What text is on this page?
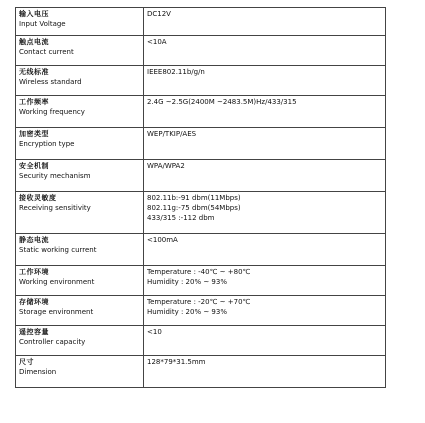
输入电压
Input Voltage	DC12V

触点电流
Contact current	<10A

无线标准
Wireless standard	IEEE802.11b/g/n

工作频率
Working frequency	2.4G ~2.5G(2400M ~2483.5M)Hz/433/315

加密类型
Encryption type	WEP/TKIP/AES

安全机制
Security mechanism	WPA/WPA2

接收灵敏度
Receiving sensitivity	802.11b:-91 dbm(11Mbps)
802.11g:-75 dbm(54Mbps)
433/315 :-112 dbm

静态电流
Static working current	<100mA

工作环境
Working environment	Temperature : -40℃ ~ +80℃
Humidity : 20% ~ 93%

存储环境
Storage environment	Temperature : -20℃ ~ +70℃
Humidity : 20% ~ 93%

遥控容量
Controller capacity	<10

尺寸
Dimension	128*79*31.5mm
